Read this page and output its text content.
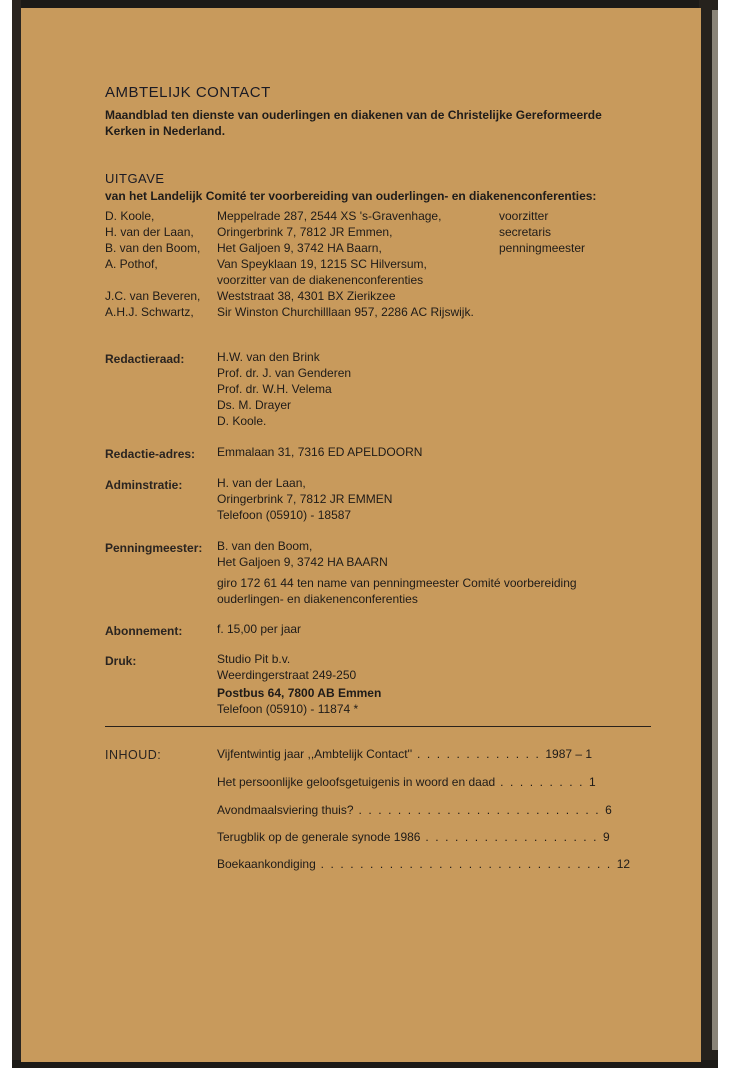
AMBTELIJK CONTACT
Maandblad ten dienste van ouderlingen en diakenen van de Christelijke Gereformeerde
Kerken in Nederland.
UITGAVE
van het Landelijk Comité ter voorbereiding van ouderlingen- en diakenenconferenties:
D. Koole,	Meppelrade 287, 2544 XS 's-Gravenhage,	voorzitter
H. van der Laan, Oringerbrink 7, 7812 JR Emmen,	secretaris
B. van den Boom, Het Galjoen 9, 3742 HA Baarn,	penningmeester
A. Pothof,	Van Speyklaan 19, 1215 SC Hilversum,
voorzitter van de diakenenconferenties
J.C. van Beveren, Weststraat 38, 4301 BX Zierikzee
A.H.J. Schwartz, Sir Winston Churchilllaan 957, 2286 AC Rijswijk.
Redactieraad:	H.W. van den Brink
Prof. dr. J. van Genderen
Prof. dr. W.H. Velema
Ds. M. Drayer
D. Koole.
Redactie-adres: Emmalaan 31, 7316 ED APELDOORN
Adminstratie:	H. van der Laan,
Oringerbrink 7, 7812 JR EMMEN
Telefoon (05910) - 18587
Penningmeester: B. van den Boom,
Het Galjoen 9, 3742 HA BAARN
giro 172 61 44 ten name van penningmeester Comité voorbereiding
ouderlingen- en diakenenconferenties
Abonnement:	f. 15,00 per jaar
Druk:	Studio Pit b.v.
Weerdingerstraat 249-250
Postbus 64, 7800 AB Emmen
Telefoon (05910) - 11874 *
INHOUD:	Vijfentwintig jaar ,,Ambtelijk Contact'' . . . . . . . . . . . . . 1987 – 1
Het persoonlijke geloofsgetuigenis in woord en daad . . . . . . . . . 1
Avondmaalsviering thuis? . . . . . . . . . . . . . . . . . . . . . . . . . 6
Terugblik op de generale synode 1986 . . . . . . . . . . . . . . . . . . 9
Boekaankondiging . . . . . . . . . . . . . . . . . . . . . . . . . . . . . . 12
